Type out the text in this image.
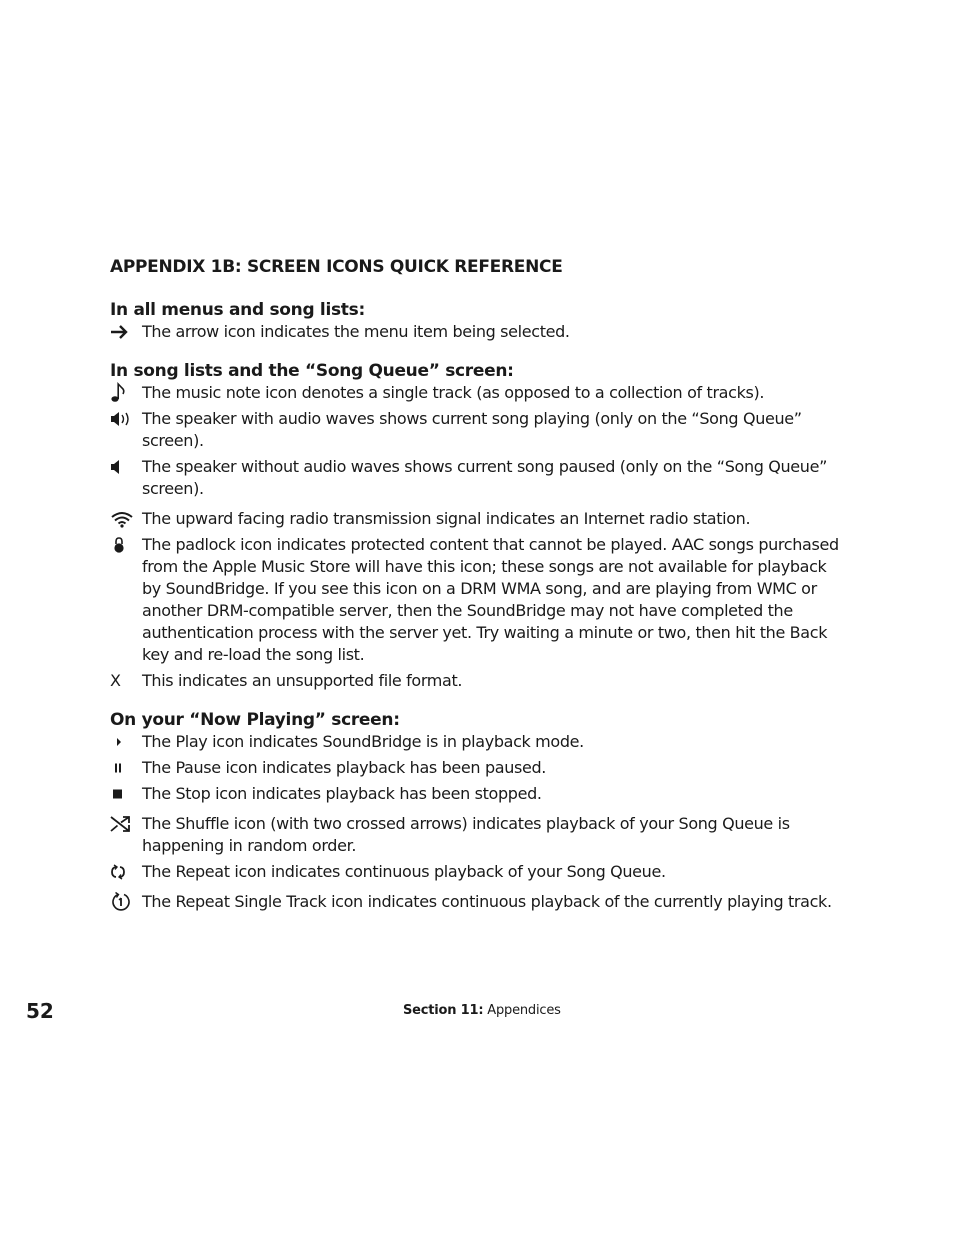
APPENDIX 1B: SCREEN ICONS QUICK REFERENCE
In all menus and song lists:
The arrow icon indicates the menu item being selected.
In song lists and the “Song Queue” screen:
The music note icon denotes a single track (as opposed to a collection of tracks).
The speaker with audio waves shows current song playing (only on the “Song Queue” screen).
The speaker without audio waves shows current song paused (only on the “Song Queue” screen).
The upward facing radio transmission signal indicates an Internet radio station.
The padlock icon indicates protected content that cannot be played. AAC songs purchased from the Apple Music Store will have this icon; these songs are not available for playback by SoundBridge. If you see this icon on a DRM WMA song, and are playing from WMC or another DRM-compatible server, then the SoundBridge may not have completed the authentication process with the server yet. Try waiting a minute or two, then hit the Back key and re-load the song list.
X	This indicates an unsupported file format.
On your “Now Playing” screen:
The Play icon indicates SoundBridge is in playback mode.
The Pause icon indicates playback has been paused.
The Stop icon indicates playback has been stopped.
The Shuffle icon (with two crossed arrows) indicates playback of your Song Queue is happening in random order.
The Repeat icon indicates continuous playback of your Song Queue.
The Repeat Single Track icon indicates continuous playback of the currently playing track.
52	Section 11: Appendices
